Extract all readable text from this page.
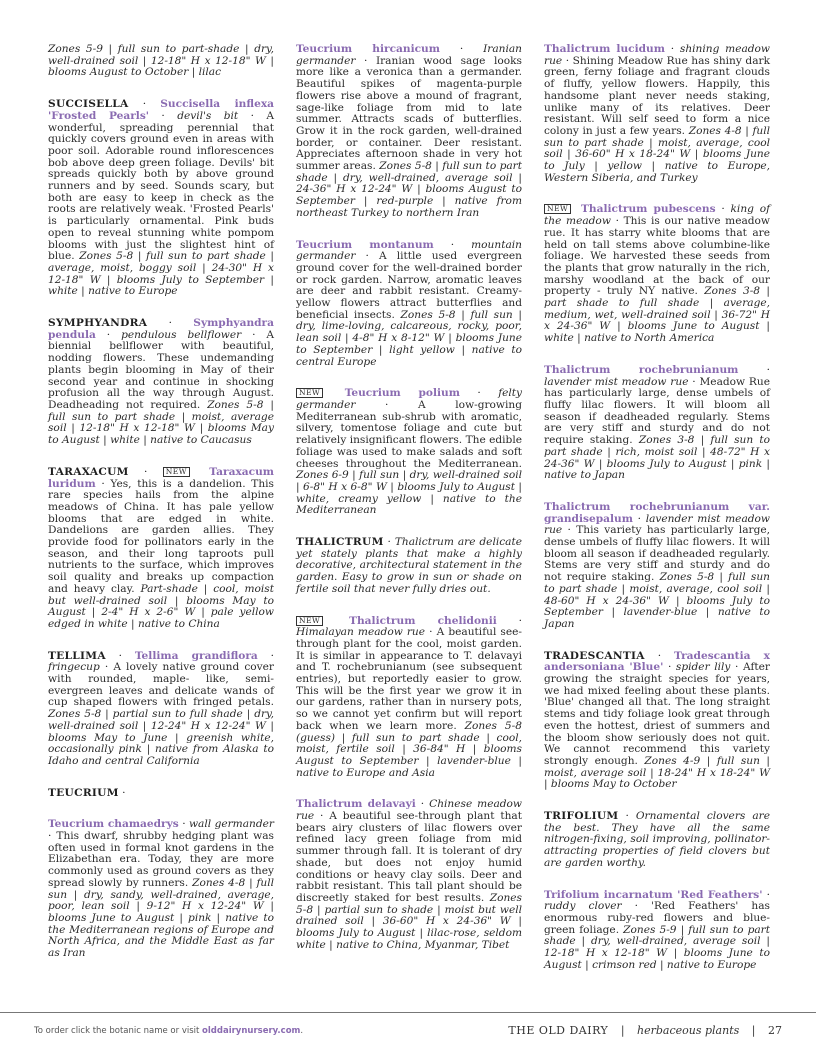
Zones 5-9 | full sun to part-shade | dry, well-drained soil | 12-18" H x 12-18" W | blooms August to October | lilac

SUCCISELLA · Succisella inflexa 'Frosted Pearls' · devil's bit · A wonderful, spreading perennial that quickly covers ground even in areas with poor soil. Adorable round inflorescences bob above deep green foliage. Devils' bit spreads quickly both by above ground runners and by seed. Sounds scary, but both are easy to keep in check as the roots are relatively weak. 'Frosted Pearls' is particularly ornamental. Pink buds open to reveal stunning white pompom blooms with just the slightest hint of blue. Zones 5-8 | full sun to part shade | average, moist, boggy soil | 24-30" H x 12-18" W | blooms July to September | white | native to Europe

SYMPHYANDRA · Symphyandra pendula · pendulous bellflower · A biennial bellflower with beautiful, nodding flowers. These undemanding plants begin blooming in May of their second year and continue in shocking profusion all the way through August. Deadheading not required. Zones 5-8 | full sun to part shade | moist, average soil | 12-18" H x 12-18" W | blooms May to August | white | native to Caucasus

TARAXACUM · NEW Taraxacum luridum · Yes, this is a dandelion. This rare species hails from the alpine meadows of China. It has pale yellow blooms that are edged in white. Dandelions are garden allies. They provide food for pollinators early in the season, and their long taproots pull nutrients to the surface, which improves soil quality and breaks up compaction and heavy clay. Part-shade | cool, moist but well-drained soil | blooms May to August | 2-4" H x 2-6" W | pale yellow edged in white | native to China

TELLIMA · Tellima grandiflora · fringecup · A lovely native ground cover with rounded, maple- like, semi-evergreen leaves and delicate wands of cup shaped flowers with fringed petals. Zones 5-8 | partial sun to full shade | dry, well-drained soil | 12-24" H x 12-24" W | blooms May to June | greenish white, occasionally pink | native from Alaska to Idaho and central California

TEUCRIUM ·

Teucrium chamaedrys · wall germander · This dwarf, shrubby hedging plant was often used in formal knot gardens in the Elizabethan era. Today, they are more commonly used as ground covers as they spread slowly by runners. Zones 4-8 | full sun | dry, sandy, well-drained, average, poor, lean soil | 9-12" H x 12-24" W | blooms June to August | pink | native to the Mediterranean regions of Europe and North Africa, and the Middle East as far as Iran

Teucrium hircanicum · Iranian germander · Iranian wood sage looks more like a veronica than a germander. Beautiful spikes of magenta-purple flowers rise above a mound of fragrant, sage-like foliage from mid to late summer. Attracts scads of butterflies. Grow it in the rock garden, well-drained border, or container. Deer resistant. Appreciates afternoon shade in very hot summer areas. Zones 5-8 | full sun to part shade | dry, well-drained, average soil | 24-36" H x 12-24" W | blooms August to September | red-purple | native from northeast Turkey to northern Iran

Teucrium montanum · mountain germander · A little used evergreen ground cover for the well-drained border or rock garden. Narrow, aromatic leaves are deer and rabbit resistant. Creamy-yellow flowers attract butterflies and beneficial insects. Zones 5-8 | full sun | dry, lime-loving, calcareous, rocky, poor, lean soil | 4-8" H x 8-12" W | blooms June to September | light yellow | native to central Europe

NEW Teucrium polium · felty germander · A low-growing Mediterranean sub-shrub with aromatic, silvery, tomentose foliage and cute but relatively insignificant flowers. The edible foliage was used to make salads and soft cheeses throughout the Mediterranean. Zones 6-9 | full sun | dry, well-drained soil | 6-8" H x 6-8" W | blooms July to August | white, creamy yellow | native to the Mediterranean

THALICTRUM · Thalictrum are delicate yet stately plants that make a highly decorative, architectural statement in the garden. Easy to grow in sun or shade on fertile soil that never fully dries out.

NEW	Thalictrum chelidonii · Himalayan meadow rue · A beautiful see-through plant for the cool, moist garden. It is similar in appearance to T. delavayi and T. rochebrunianum (see subsequent entries), but reportedly easier to grow. This will be the first year we grow it in our gardens, rather than in nursery pots, so we cannot yet confirm but will report back when we learn more. Zones 5-8 (guess) | full sun to part shade | cool, moist, fertile soil | 36-84" H | blooms August to September | lavender-blue | native to Europe and Asia

Thalictrum delavayi · Chinese meadow rue · A beautiful see-through plant that bears airy clusters of lilac flowers over refined lacy green foliage from mid summer through fall. It is tolerant of dry shade, but does not enjoy humid conditions or heavy clay soils. Deer and rabbit resistant. This tall plant should be discreetly staked for best results. Zones 5-8 | partial sun to shade | moist but well drained soil | 36-60" H x 24-36" W | blooms July to August | lilac-rose, seldom white | native to China, Myanmar, Tibet

Thalictrum lucidum · shining meadow rue · Shining Meadow Rue has shiny dark green, ferny foliage and fragrant clouds of fluffy, yellow flowers. Happily, this handsome plant never needs staking, unlike many of its relatives. Deer resistant. Will self seed to form a nice colony in just a few years. Zones 4-8 | full sun to part shade | moist, average, cool soil | 36-60" H x 18-24" W | blooms June to July | yellow | native to Europe, Western Siberia, and Turkey

NEW Thalictrum pubescens · king of the meadow · This is our native meadow rue. It has starry white blooms that are held on tall stems above columbine-like foliage. We harvested these seeds from the plants that grow naturally in the rich, marshy woodland at the back of our property - truly NY native. Zones 3-8 | part shade to full shade | average, medium, wet, well-drained soil | 36-72" H x 24-36" W | blooms June to August | white | native to North America

Thalictrum rochebrunianum · lavender mist meadow rue · Meadow Rue has particularly large, dense umbels of fluffy lilac flowers. It will bloom all season if deadheaded regularly. Stems are very stiff and sturdy and do not require staking. Zones 3-8 | full sun to part shade | rich, moist soil | 48-72" H x 24-36" W | blooms July to August | pink | native to Japan

Thalictrum rochebrunianum var. grandisepalum · lavender mist meadow rue · This variety has particularly large, dense umbels of fluffy lilac flowers. It will bloom all season if deadheaded regularly. Stems are very stiff and sturdy and do not require staking. Zones 5-8 | full sun to part shade | moist, average, cool soil | 48-60" H x 24-36" W | blooms July to September | lavender-blue | native to Japan

TRADESCANTIA · Tradescantia x andersoniana 'Blue' · spider lily · After growing the straight species for years, we had mixed feeling about these plants. 'Blue' changed all that. The long straight stems and tidy foliage look great through even the hottest, driest of summers and the bloom show seriously does not quit. We cannot recommend this variety strongly enough. Zones 4-9 | full sun | moist, average soil | 18-24" H x 18-24" W | blooms May to October

TRIFOLIUM · Ornamental clovers are the best. They have all the same nitrogen-fixing, soil improving, pollinator-attracting properties of field clovers but are garden worthy.

Trifolium incarnatum 'Red Feathers' · ruddy clover · 'Red Feathers' has enormous ruby-red flowers and blue-green foliage. Zones 5-9 | full sun to part shade | dry, well-drained, average soil | 12-18" H x 12-18" W | blooms June to August | crimson red | native to Europe

To order click the botanic name or visit olddairynursery.com.	THE OLD DAIRY | herbaceous plants | 27
